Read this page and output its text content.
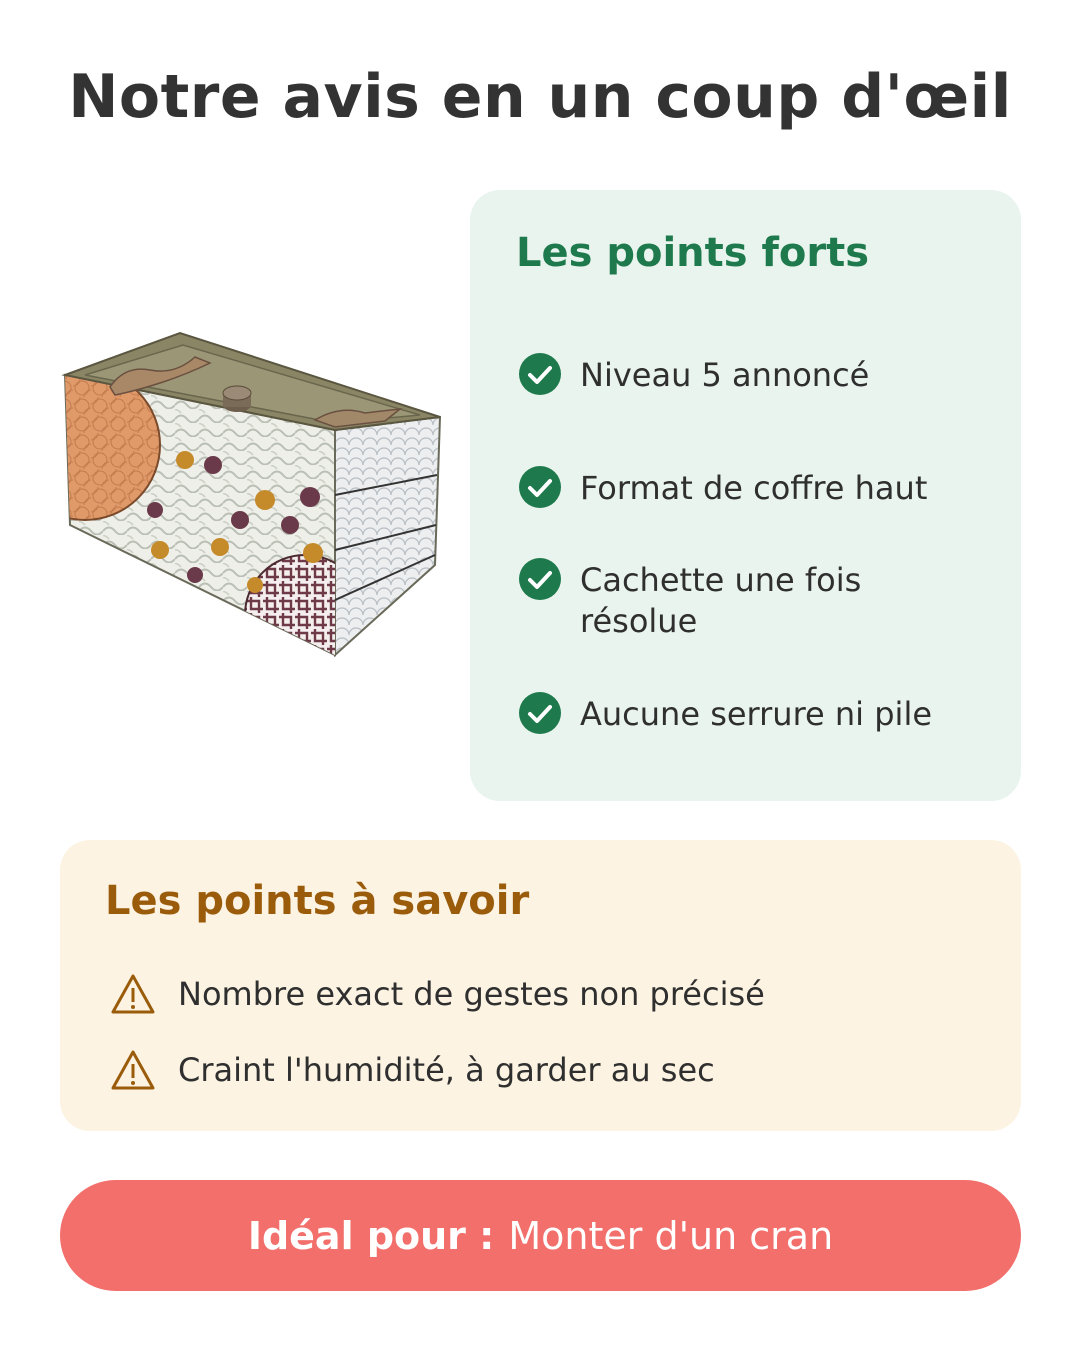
Notre avis en un coup d'œil
Les points forts
Niveau 5 annoncé
Format de coffre haut
Cachette une fois
résolue
Aucune serrure ni pile
Les points à savoir
Nombre exact de gestes non précisé
Craint l'humidité, à garder au sec
Idéal pour : Monter d'un cran
